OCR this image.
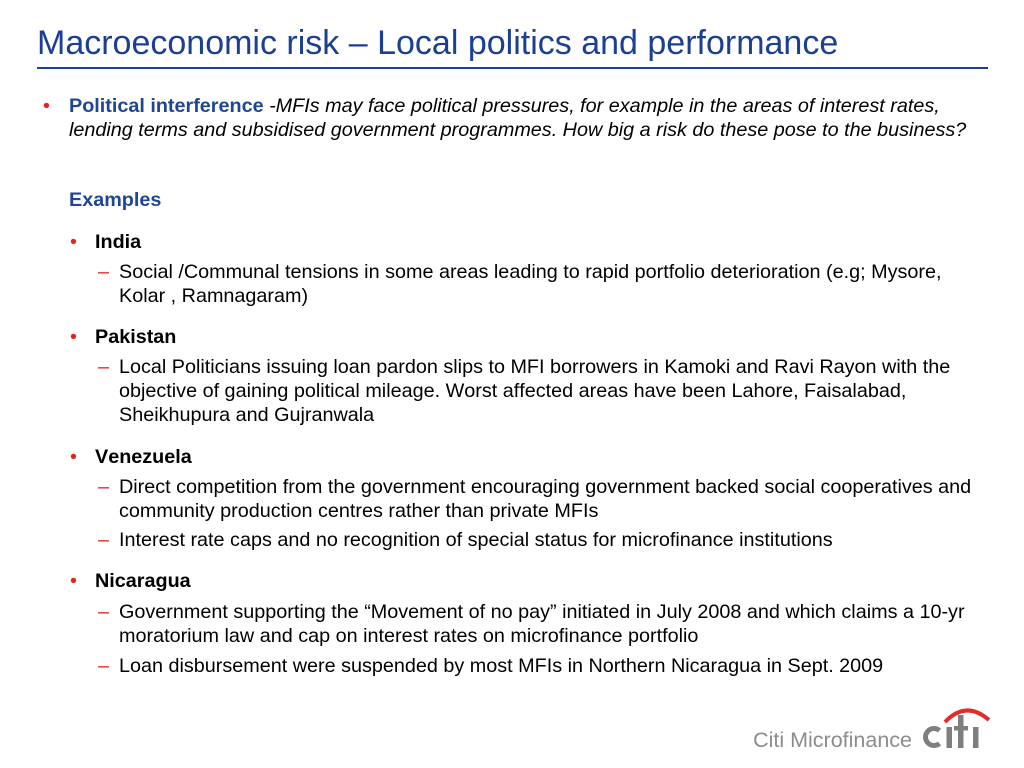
Macroeconomic risk – Local politics and performance
• Political interference -MFIs may face political pressures, for example in the areas of interest rates, lending terms and subsidised government programmes. How big a risk do these pose to the business?

Examples
• India
– Social /Communal tensions in some areas leading to rapid portfolio deterioration (e.g; Mysore, Kolar , Ramnagaram)

• Pakistan
– Local Politicians issuing loan pardon slips to MFI borrowers in Kamoki and Ravi Rayon with the objective of gaining political mileage. Worst affected areas have been Lahore, Faisalabad, Sheikhupura and Gujranwala

• Venezuela
– Direct competition from the government encouraging government backed social cooperatives and community production centres rather than private MFIs

– Interest rate caps and no recognition of special status for microfinance institutions

• Nicaragua
– Government supporting the “Movement of no pay” initiated in July 2008 and which claims a 10-yr moratorium law and cap on interest rates on microfinance portfolio

– Loan disbursement were suspended by most MFIs in Northern Nicaragua in Sept. 2009

Citi Microfinance
